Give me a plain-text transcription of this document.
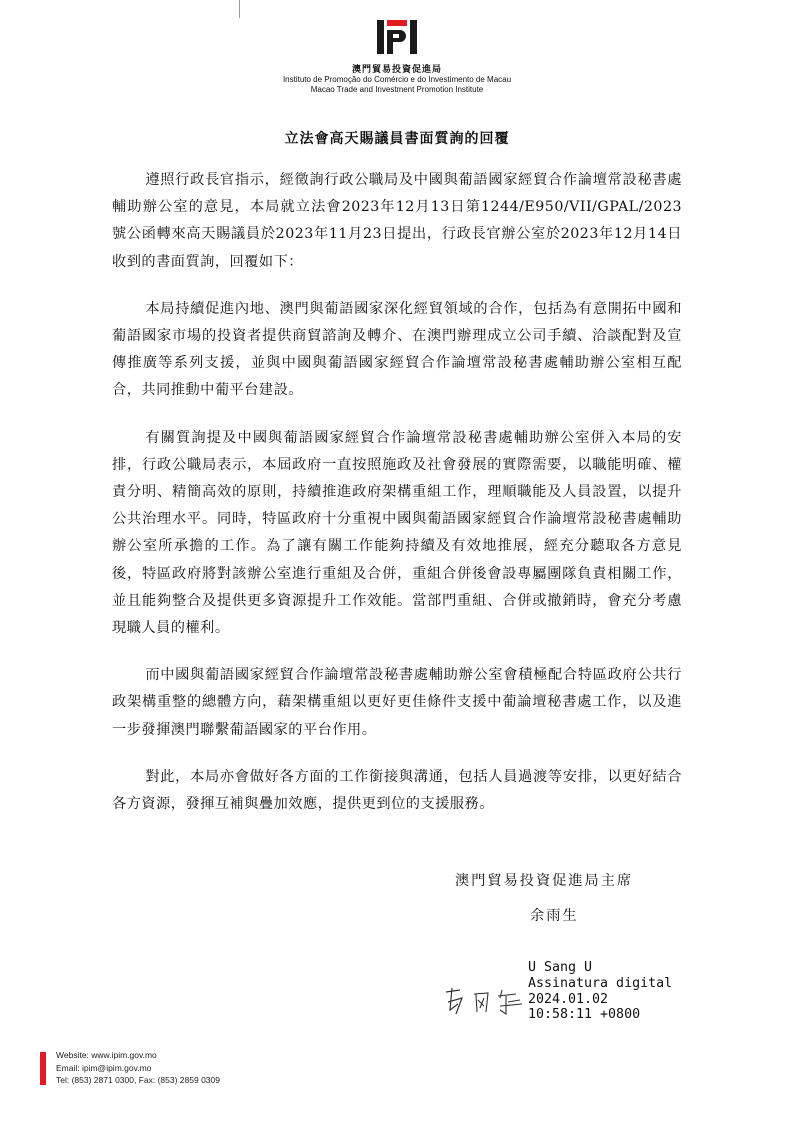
澳門貿易投資促進局
Instituto de Promoção do Comércio e do Investimento de Macau
Macao Trade and Investment Promotion Institute
立法會高天賜議員書面質詢的回覆

遵照行政長官指示，經徵詢行政公職局及中國與葡語國家經貿合作論壇常設秘書處輔助辦公室的意見，本局就立法會2023年12月13日第1244/E950/VII/GPAL/2023號公函轉來高天賜議員於2023年11月23日提出，行政長官辦公室於2023年12月14日收到的書面質詢，回覆如下：

本局持續促進內地、澳門與葡語國家深化經貿領域的合作，包括為有意開拓中國和葡語國家市場的投資者提供商貿諮詢及轉介、在澳門辦理成立公司手續、洽談配對及宣傳推廣等系列支援，並與中國與葡語國家經貿合作論壇常設秘書處輔助辦公室相互配合，共同推動中葡平台建設。

有關質詢提及中國與葡語國家經貿合作論壇常設秘書處輔助辦公室併入本局的安排，行政公職局表示，本屆政府一直按照施政及社會發展的實際需要，以職能明確、權責分明、精簡高效的原則，持續推進政府架構重組工作，理順職能及人員設置，以提升公共治理水平。同時，特區政府十分重視中國與葡語國家經貿合作論壇常設秘書處輔助辦公室所承擔的工作。為了讓有關工作能夠持續及有效地推展，經充分聽取各方意見後，特區政府將對該辦公室進行重組及合併，重組合併後會設專屬團隊負責相關工作，並且能夠整合及提供更多資源提升工作效能。當部門重組、合併或撤銷時，會充分考慮現職人員的權利。

而中國與葡語國家經貿合作論壇常設秘書處輔助辦公室會積極配合特區政府公共行政架構重整的總體方向，藉架構重組以更好更佳條件支援中葡論壇秘書處工作，以及進一步發揮澳門聯繫葡語國家的平台作用。

對此，本局亦會做好各方面的工作銜接與溝通，包括人員過渡等安排，以更好結合各方資源，發揮互補與疊加效應，提供更到位的支援服務。

澳門貿易投資促進局主席
余雨生
U Sang U
Assinatura digital
2024.01.02
10:58:11 +0800
Website: www.ipim.gov.mo
Email: ipim@ipim.gov.mo
Tel: (853) 2871 0300, Fax: (853) 2859 0309
